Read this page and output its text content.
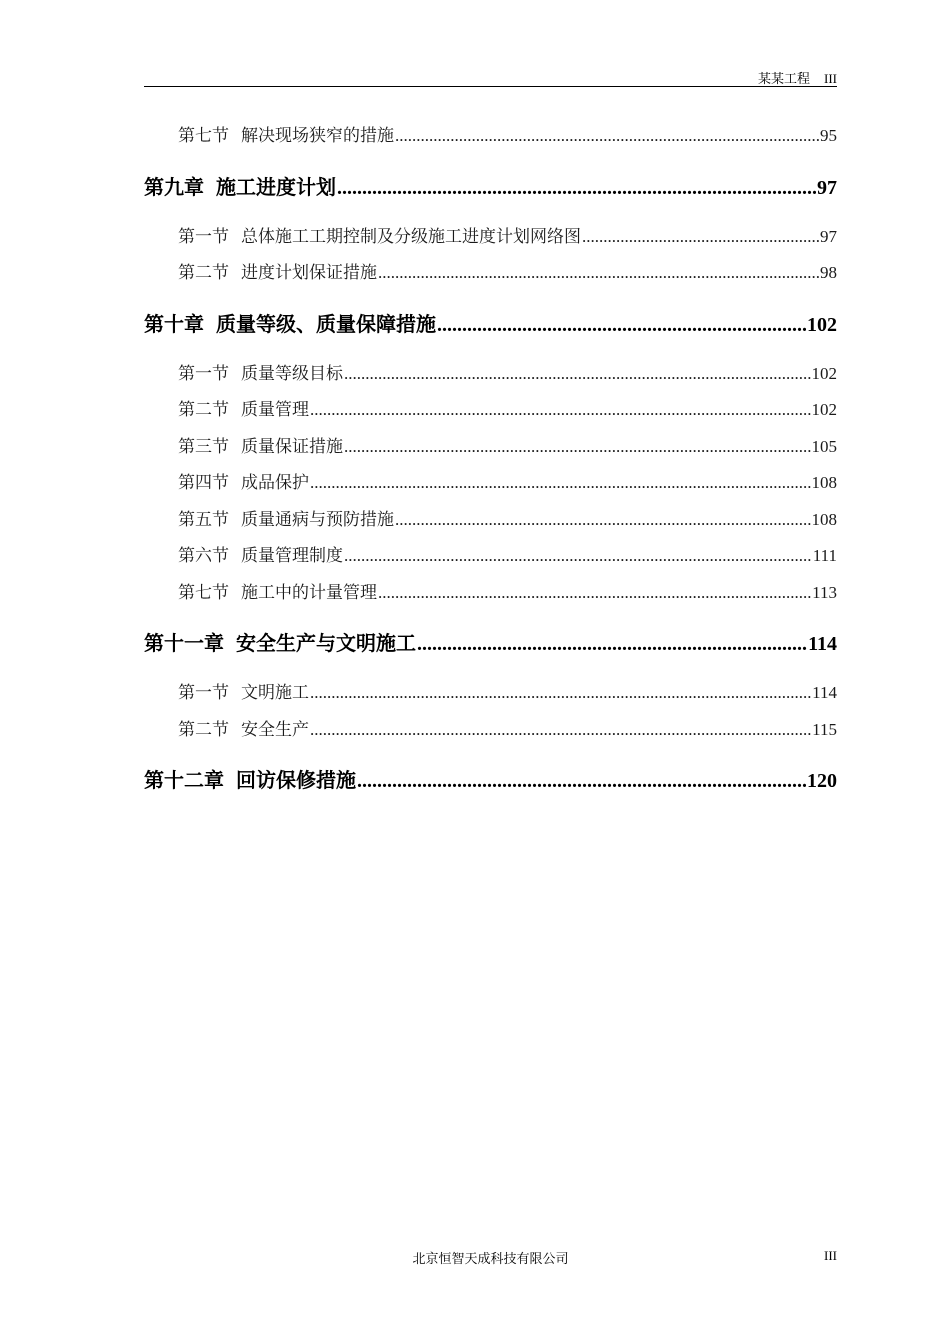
某某工程 III
第七节 解决现场狭窄的措施 .....	95
第九章 施工进度计划 .....	97
第一节 总体施工工期控制及分级施工进度计划网络图 .....	97
第二节 进度计划保证措施 .....	98
第十章 质量等级、质量保障措施 .....	102
第一节 质量等级目标 .....	102
第二节 质量管理 .....	102
第三节 质量保证措施 .....	105
第四节 成品保护 .....	108
第五节 质量通病与预防措施 .....	108
第六节 质量管理制度 .....	111
第七节 施工中的计量管理 .....	113
第十一章 安全生产与文明施工 .....	114
第一节 文明施工 .....	114
第二节 安全生产 .....	115
第十二章 回访保修措施 .....	120
北京恒智天成科技有限公司	III
